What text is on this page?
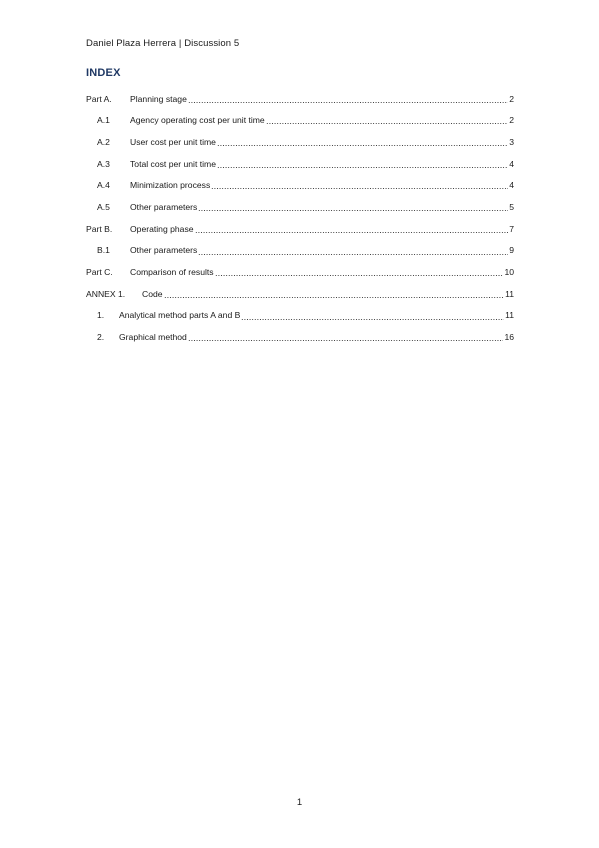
Daniel Plaza Herrera | Discussion 5
INDEX
Part A.	Planning stage	2
A.1	Agency operating cost per unit time	2
A.2	User cost per unit time	3
A.3	Total cost per unit time	4
A.4	Minimization process	4
A.5	Other parameters	5
Part B.	Operating phase	7
B.1	Other parameters	9
Part C.	Comparison of results	10
ANNEX 1.	Code	11
1.	Analytical method parts A and B	11
2.	Graphical method	16
1
